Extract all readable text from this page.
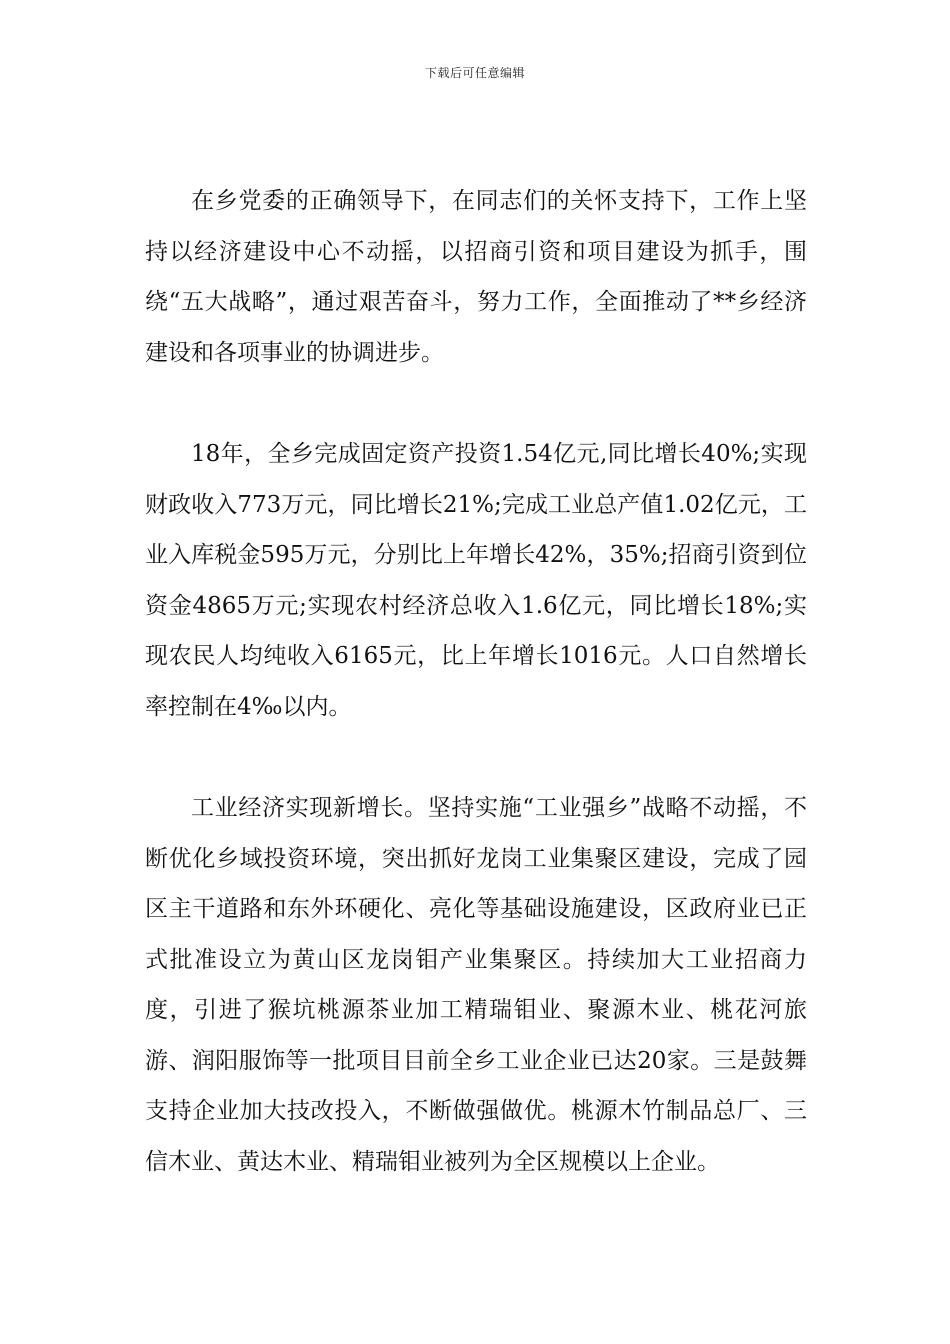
下载后可任意编辑

在乡党委的正确领导下，在同志们的关怀支持下，工作上坚持以经济建设中心不动摇，以招商引资和项目建设为抓手，围绕“五大战略”，通过艰苦奋斗，努力工作，全面推动了**乡经济建设和各项事业的协调进步。

18年，全乡完成固定资产投资1.54亿元,同比增长40%;实现财政收入773万元，同比增长21%;完成工业总产值1.02亿元，工业入库税金595万元，分别比上年增长42%，35%;招商引资到位资金4865万元;实现农村经济总收入1.6亿元，同比增长18%;实现农民人均纯收入6165元，比上年增长1016元。人口自然增长率控制在4‰以内。

工业经济实现新增长。坚持实施“工业强乡”战略不动摇，不断优化乡域投资环境，突出抓好龙岗工业集聚区建设，完成了园区主干道路和东外环硬化、亮化等基础设施建设，区政府业已正式批准设立为黄山区龙岗钼产业集聚区。持续加大工业招商力度，引进了猴坑桃源茶业加工精瑞钼业、聚源木业、桃花河旅游、润阳服饰等一批项目目前全乡工业企业已达20家。三是鼓舞支持企业加大技改投入，不断做强做优。桃源木竹制品总厂、三信木业、黄达木业、精瑞钼业被列为全区规模以上企业。
